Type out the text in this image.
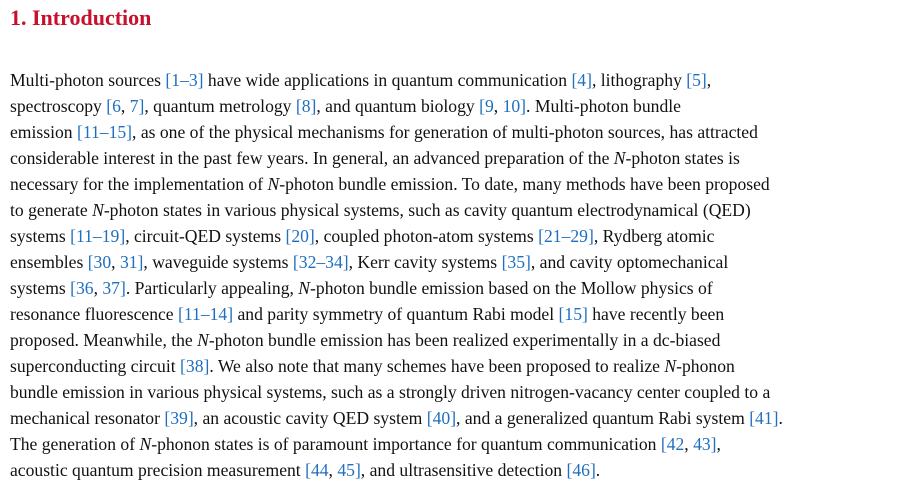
1. Introduction
Multi-photon sources [1–3] have wide applications in quantum communication [4], lithography [5],
spectroscopy [6, 7], quantum metrology [8], and quantum biology [9, 10]. Multi-photon bundle
emission [11–15], as one of the physical mechanisms for generation of multi-photon sources, has attracted
considerable interest in the past few years. In general, an advanced preparation of the N-photon states is
necessary for the implementation of N-photon bundle emission. To date, many methods have been proposed
to generate N-photon states in various physical systems, such as cavity quantum electrodynamical (QED)
systems [11–19], circuit-QED systems [20], coupled photon-atom systems [21–29], Rydberg atomic
ensembles [30, 31], waveguide systems [32–34], Kerr cavity systems [35], and cavity optomechanical
systems [36, 37]. Particularly appealing, N-photon bundle emission based on the Mollow physics of
resonance fluorescence [11–14] and parity symmetry of quantum Rabi model [15] have recently been
proposed. Meanwhile, the N-photon bundle emission has been realized experimentally in a dc-biased
superconducting circuit [38]. We also note that many schemes have been proposed to realize N-phonon
bundle emission in various physical systems, such as a strongly driven nitrogen-vacancy center coupled to a
mechanical resonator [39], an acoustic cavity QED system [40], and a generalized quantum Rabi system [41].
The generation of N-phonon states is of paramount importance for quantum communication [42, 43],
acoustic quantum precision measurement [44, 45], and ultrasensitive detection [46].
